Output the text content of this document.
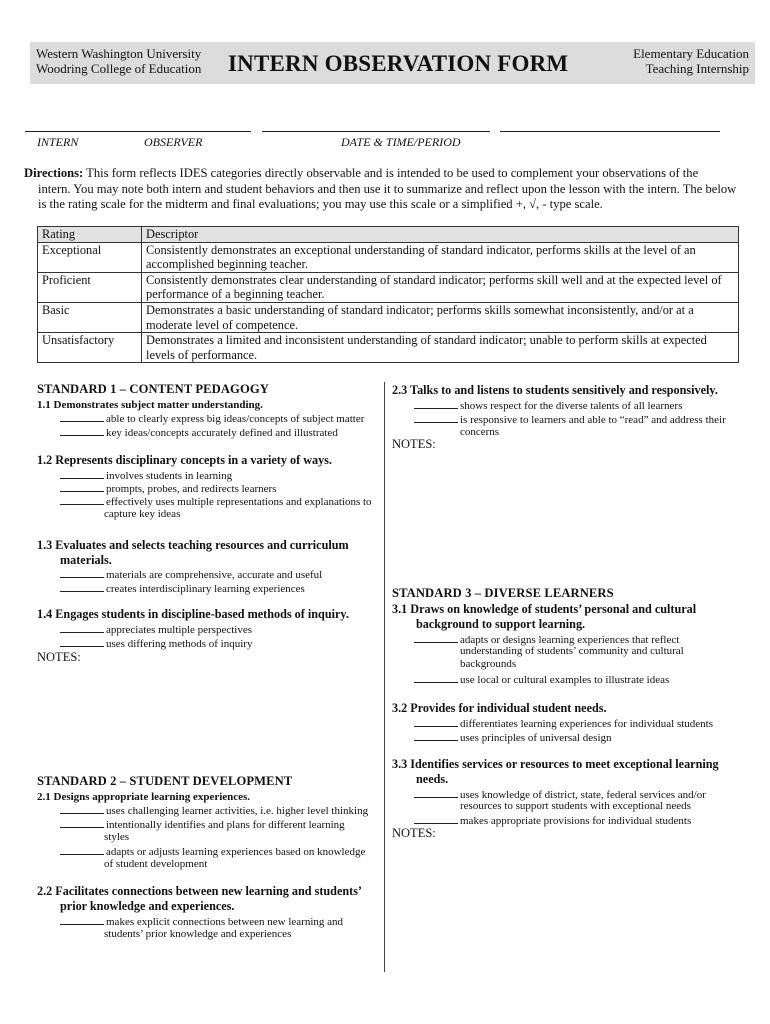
Western Washington University
Woodring College of Education INTERN OBSERVATION FORM	Elementary Education
Teaching Internship
INTERN	OBSERVER	DATE & TIME/PERIOD
Directions: This form reflects IDES categories directly observable and is intended to be used to complement your observations of the
intern. You may note both intern and student behaviors and then use it to summarize and reflect upon the lesson with the intern. The below
is the rating scale for the midterm and final evaluations; you may use this scale or a simplified +, √, - type scale.
Rating	Descriptor
Exceptional	Consistently demonstrates an exceptional understanding of standard indicator, performs skills at the level of an
accomplished beginning teacher.

Proficient	Consistently demonstrates clear understanding of standard indicator; performs skill well and at the expected level of
performance of a beginning teacher.

Basic	Demonstrates a basic understanding of standard indicator; performs skills somewhat inconsistently, and/or at a
moderate level of competence.

Unsatisfactory	Demonstrates a limited and inconsistent understanding of standard indicator; unable to perform skills at expected
levels of performance.
STANDARD 1 – CONTENT PEDAGOGY
1.1 Demonstrates subject matter understanding.
able to clearly express big ideas/concepts of subject matter
key ideas/concepts accurately defined and illustrated
1.2 Represents disciplinary concepts in a variety of ways.
involves students in learning
prompts, probes, and redirects learners
effectively uses multiple representations and explanations to
capture key ideas
1.3 Evaluates and selects teaching resources and curriculum
materials.
materials are comprehensive, accurate and useful
creates interdisciplinary learning experiences
1.4 Engages students in discipline-based methods of inquiry.
appreciates multiple perspectives
uses differing methods of inquiry
NOTES:
STANDARD 2 – STUDENT DEVELOPMENT
2.1 Designs appropriate learning experiences.
uses challenging learner activities, i.e. higher level thinking
intentionally identifies and plans for different learning
styles
adapts or adjusts learning experiences based on knowledge
of student development
2.2 Facilitates connections between new learning and students’
prior knowledge and experiences.
makes explicit connections between new learning and
students’ prior knowledge and experiences
2.3 Talks to and listens to students sensitively and responsively.
shows respect for the diverse talents of all learners
is responsive to learners and able to “read” and address their
concerns
NOTES:
STANDARD 3 – DIVERSE LEARNERS
3.1 Draws on knowledge of students’ personal and cultural
background to support learning.
adapts or designs learning experiences that reflect
understanding of students’ community and cultural
backgrounds
use local or cultural examples to illustrate ideas
3.2 Provides for individual student needs.
differentiates learning experiences for individual students
uses principles of universal design
3.3 Identifies services or resources to meet exceptional learning
needs.
uses knowledge of district, state, federal services and/or
resources to support students with exceptional needs
makes appropriate provisions for individual students
NOTES:
